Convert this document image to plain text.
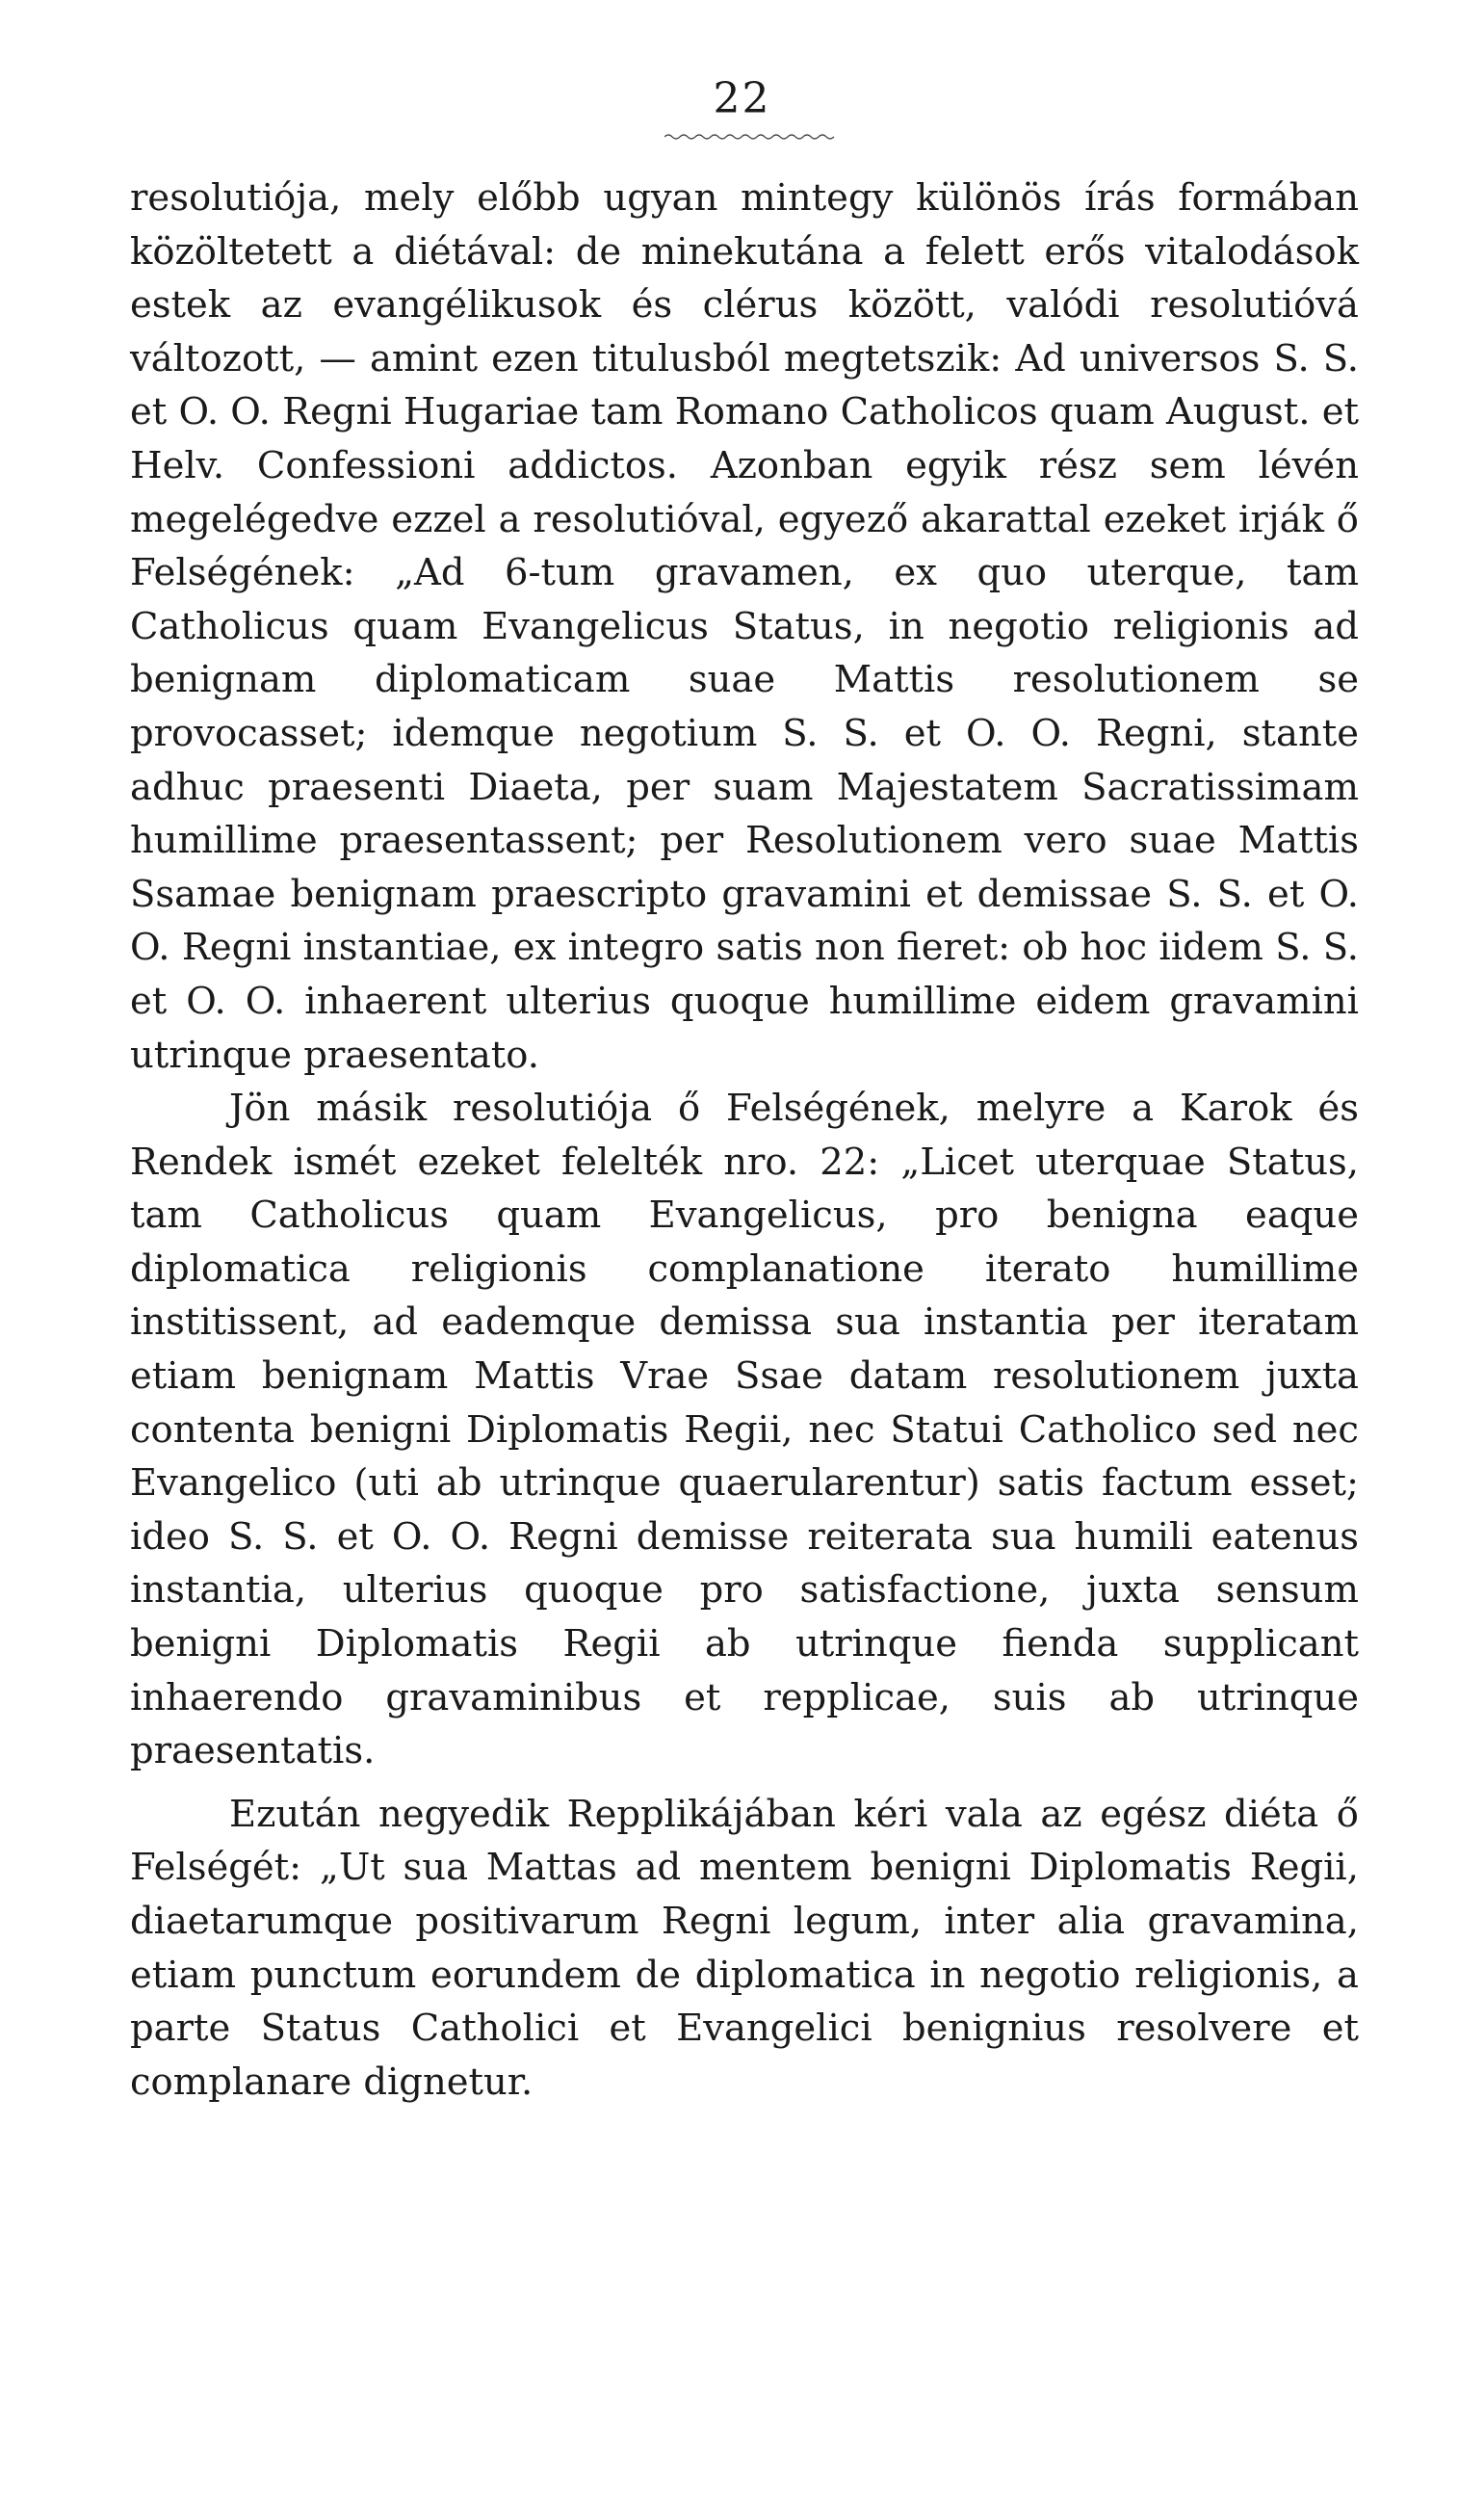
22

resolutiója, mely előbb ugyan mintegy különös írás formában közöltetett a diétával: de minekutána a felett erős vitalodások estek az evangélikusok és clérus között, valódi resolutióvá változott, — amint ezen titulusból megtetszik: Ad universos S. S. et O. O. Regni Hugariae tam Romano Catholicos quam August. et Helv. Confessioni addictos. Azonban egyik rész sem lévén megelégedve ezzel a resolutióval, egyező akarattal ezeket irják ő Felségének: „Ad 6-tum gravamen, ex quo uterque, tam Catholicus quam Evangelicus Status, in negotio religionis ad benignam diplomaticam suae Mattis resolutionem se provocasset; idemque negotium S. S. et O. O. Regni, stante adhuc praesenti Diaeta, per suam Majestatem Sacratissimam humillime praesentassent; per Resolutionem vero suae Mattis Ssamae benignam praescripto gravamini et demissae S. S. et O. O. Regni instantiae, ex integro satis non fieret: ob hoc iidem S. S. et O. O. inhaerent ulterius quoque humillime eidem gravamini utrinque praesentato.

Jön másik resolutiója ő Felségének, melyre a Karok és Rendek ismét ezeket felelték nro. 22: „Licet uterquae Status, tam Catholicus quam Evangelicus, pro benigna eaque diplomatica religionis complanatione iterato humillime institissent, ad eademque demissa sua instantia per iteratam etiam benignam Mattis Vrae Ssae datam resolutionem juxta contenta benigni Diplomatis Regii, nec Statui Catholico sed nec Evangelico (uti ab utrinque quaerularentur) satis factum esset; ideo S. S. et O. O. Regni demisse reiterata sua humili eatenus instantia, ulterius quoque pro satisfactione, juxta sensum benigni Diplomatis Regii ab utrinque fienda supplicant inhaerendo gravaminibus et repplicae, suis ab utrinque praesentatis.

Ezután negyedik Repplikájában kéri vala az egész diéta ő Felségét: „Ut sua Mattas ad mentem benigni Diplomatis Regii, diaetarumque positivarum Regni legum, inter alia gravamina, etiam punctum eorundem de diplomatica in negotio religionis, a parte Status Catholici et Evangelici benignius resolvere et complanare dignetur.
